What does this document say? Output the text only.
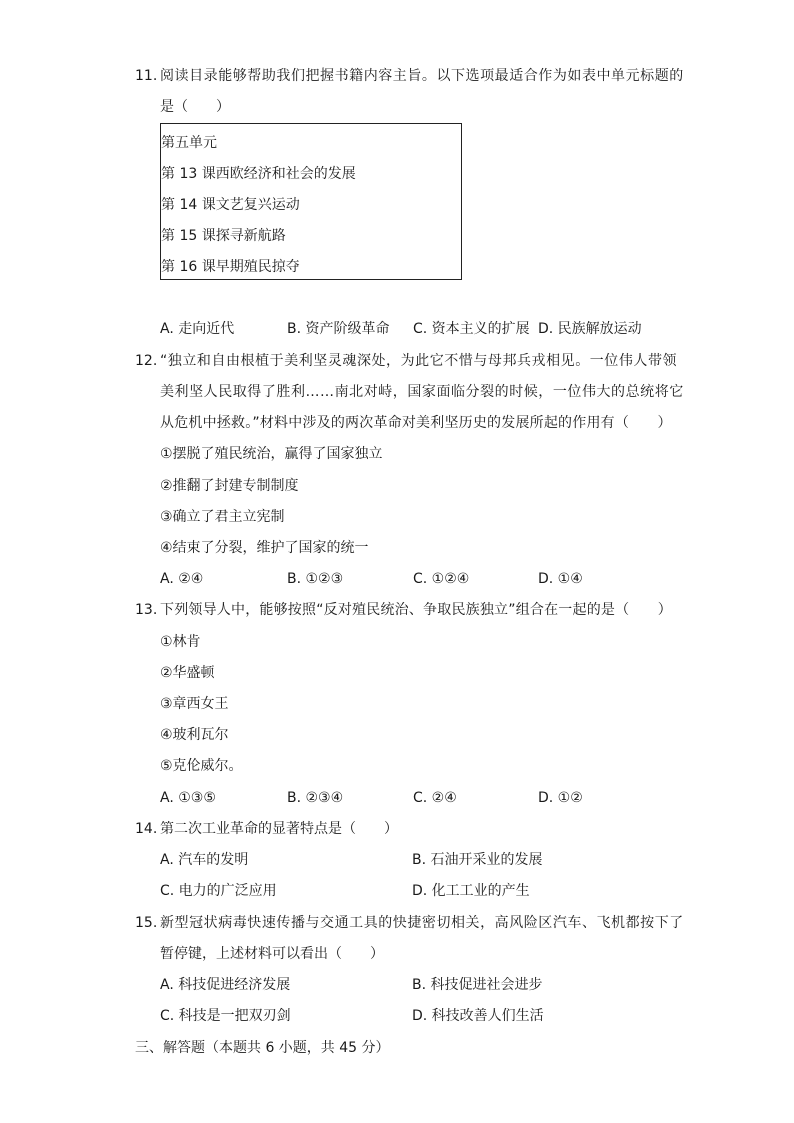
11. 阅读目录能够帮助我们把握书籍内容主旨。以下选项最适合作为如表中单元标题的
是（　　）
第五单元
第 13 课西欧经济和社会的发展
第 14 课文艺复兴运动
第 15 课探寻新航路
第 16 课早期殖民掠夺
A. 走向近代	B. 资产阶级革命 C. 资本主义的扩展 D. 民族解放运动
12. “独立和自由根植于美利坚灵魂深处，为此它不惜与母邦兵戎相见。一位伟人带领
美利坚人民取得了胜利……南北对峙，国家面临分裂的时候，一位伟大的总统将它
从危机中拯救。”材料中涉及的两次革命对美利坚历史的发展所起的作用有（　　）
①摆脱了殖民统治，赢得了国家独立
②推翻了封建专制制度
③确立了君主立宪制
④结束了分裂，维护了国家的统一
A. ②④	B. ①②③	C. ①②④	D. ①④
13. 下列领导人中，能够按照“反对殖民统治、争取民族独立”组合在一起的是（　　）
①林肯
②华盛顿
③章西女王
④玻利瓦尔
⑤克伦威尔。
A. ①③⑤	B. ②③④	C. ②④	D. ①②
14. 第二次工业革命的显著特点是（　　）
A. 汽车的发明	B. 石油开采业的发展
C. 电力的广泛应用	D. 化工工业的产生
15. 新型冠状病毒快速传播与交通工具的快捷密切相关，高风险区汽车、飞机都按下了
暂停键，上述材料可以看出（　　）
A. 科技促进经济发展	B. 科技促进社会进步
C. 科技是一把双刃剑	D. 科技改善人们生活
三、解答题（本题共 6 小题，共 45 分）
